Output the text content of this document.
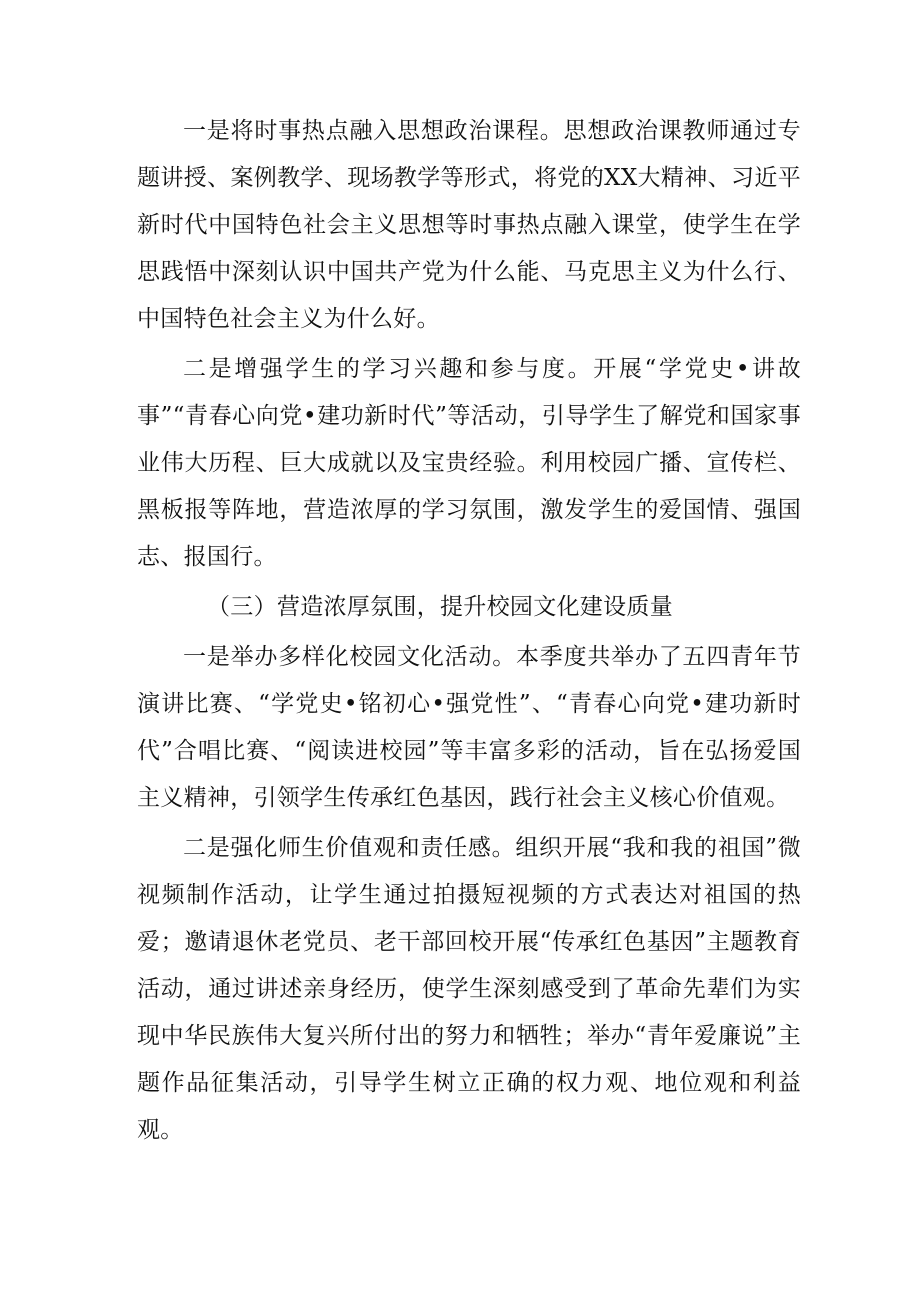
一是将时事热点融入思想政治课程。思想政治课教师通过专题讲授、案例教学、现场教学等形式，将党的XX大精神、习近平新时代中国特色社会主义思想等时事热点融入课堂，使学生在学思践悟中深刻认识中国共产党为什么能、马克思主义为什么行、中国特色社会主义为什么好。

二是增强学生的学习兴趣和参与度。开展“学党史•讲故事”“青春心向党•建功新时代”等活动，引导学生了解党和国家事业伟大历程、巨大成就以及宝贵经验。利用校园广播、宣传栏、黑板报等阵地，营造浓厚的学习氛围，激发学生的爱国情、强国志、报国行。

（三）营造浓厚氛围，提升校园文化建设质量

一是举办多样化校园文化活动。本季度共举办了五四青年节演讲比赛、“学党史•铭初心•强党性”、“青春心向党•建功新时代”合唱比赛、“阅读进校园”等丰富多彩的活动，旨在弘扬爱国主义精神，引领学生传承红色基因，践行社会主义核心价值观。

二是强化师生价值观和责任感。组织开展“我和我的祖国”微视频制作活动，让学生通过拍摄短视频的方式表达对祖国的热爱；邀请退休老党员、老干部回校开展“传承红色基因”主题教育活动，通过讲述亲身经历，使学生深刻感受到了革命先辈们为实现中华民族伟大复兴所付出的努力和牺牲；举办“青年爱廉说”主题作品征集活动，引导学生树立正确的权力观、地位观和利益观。
